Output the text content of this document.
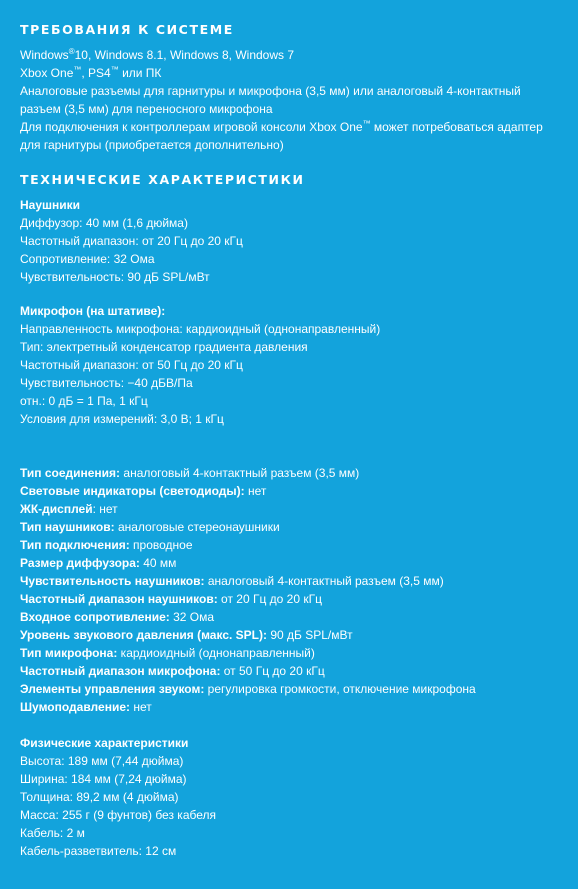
ТРЕБОВАНИЯ К СИСТЕМЕ
Windows®10, Windows 8.1, Windows 8, Windows 7
Xbox One™, PS4™ или ПК
Аналоговые разъемы для гарнитуры и микрофона (3,5 мм) или аналоговый 4-контактный разъем (3,5 мм) для переносного микрофона
Для подключения к контроллерам игровой консоли Xbox One™ может потребоваться адаптер для гарнитуры (приобретается дополнительно)
ТЕХНИЧЕСКИЕ ХАРАКТЕРИСТИКИ
Наушники
Диффузор: 40 мм (1,6 дюйма)
Частотный диапазон: от 20 Гц до 20 кГц
Сопротивление: 32 Ома
Чувствительность: 90 дБ SPL/мВт
Микрофон (на штативе):
Направленность микрофона: кардиоидный (однонаправленный)
Тип: электретный конденсатор градиента давления
Частотный диапазон: от 50 Гц до 20 кГц
Чувствительность: −40 дБВ/Па
отн.: 0 дБ = 1 Па, 1 кГц
Условия для измерений: 3,0 В; 1 кГц
Тип соединения: аналоговый 4-контактный разъем (3,5 мм)
Световые индикаторы (светодиоды): нет
ЖК-дисплей: нет
Тип наушников: аналоговые стереонаушники
Тип подключения: проводное
Размер диффузора: 40 мм
Чувствительность наушников: аналоговый 4-контактный разъем (3,5 мм)
Частотный диапазон наушников: от 20 Гц до 20 кГц
Входное сопротивление: 32 Ома
Уровень звукового давления (макс. SPL): 90 дБ SPL/мВт
Тип микрофона: кардиоидный (однонаправленный)
Частотный диапазон микрофона: от 50 Гц до 20 кГц
Элементы управления звуком: регулировка громкости, отключение микрофона
Шумоподавление: нет
Физические характеристики
Высота: 189 мм (7,44 дюйма)
Ширина: 184 мм (7,24 дюйма)
Толщина: 89,2 мм (4 дюйма)
Масса: 255 г (9 фунтов) без кабеля
Кабель: 2 м
Кабель-разветвитель: 12 см
